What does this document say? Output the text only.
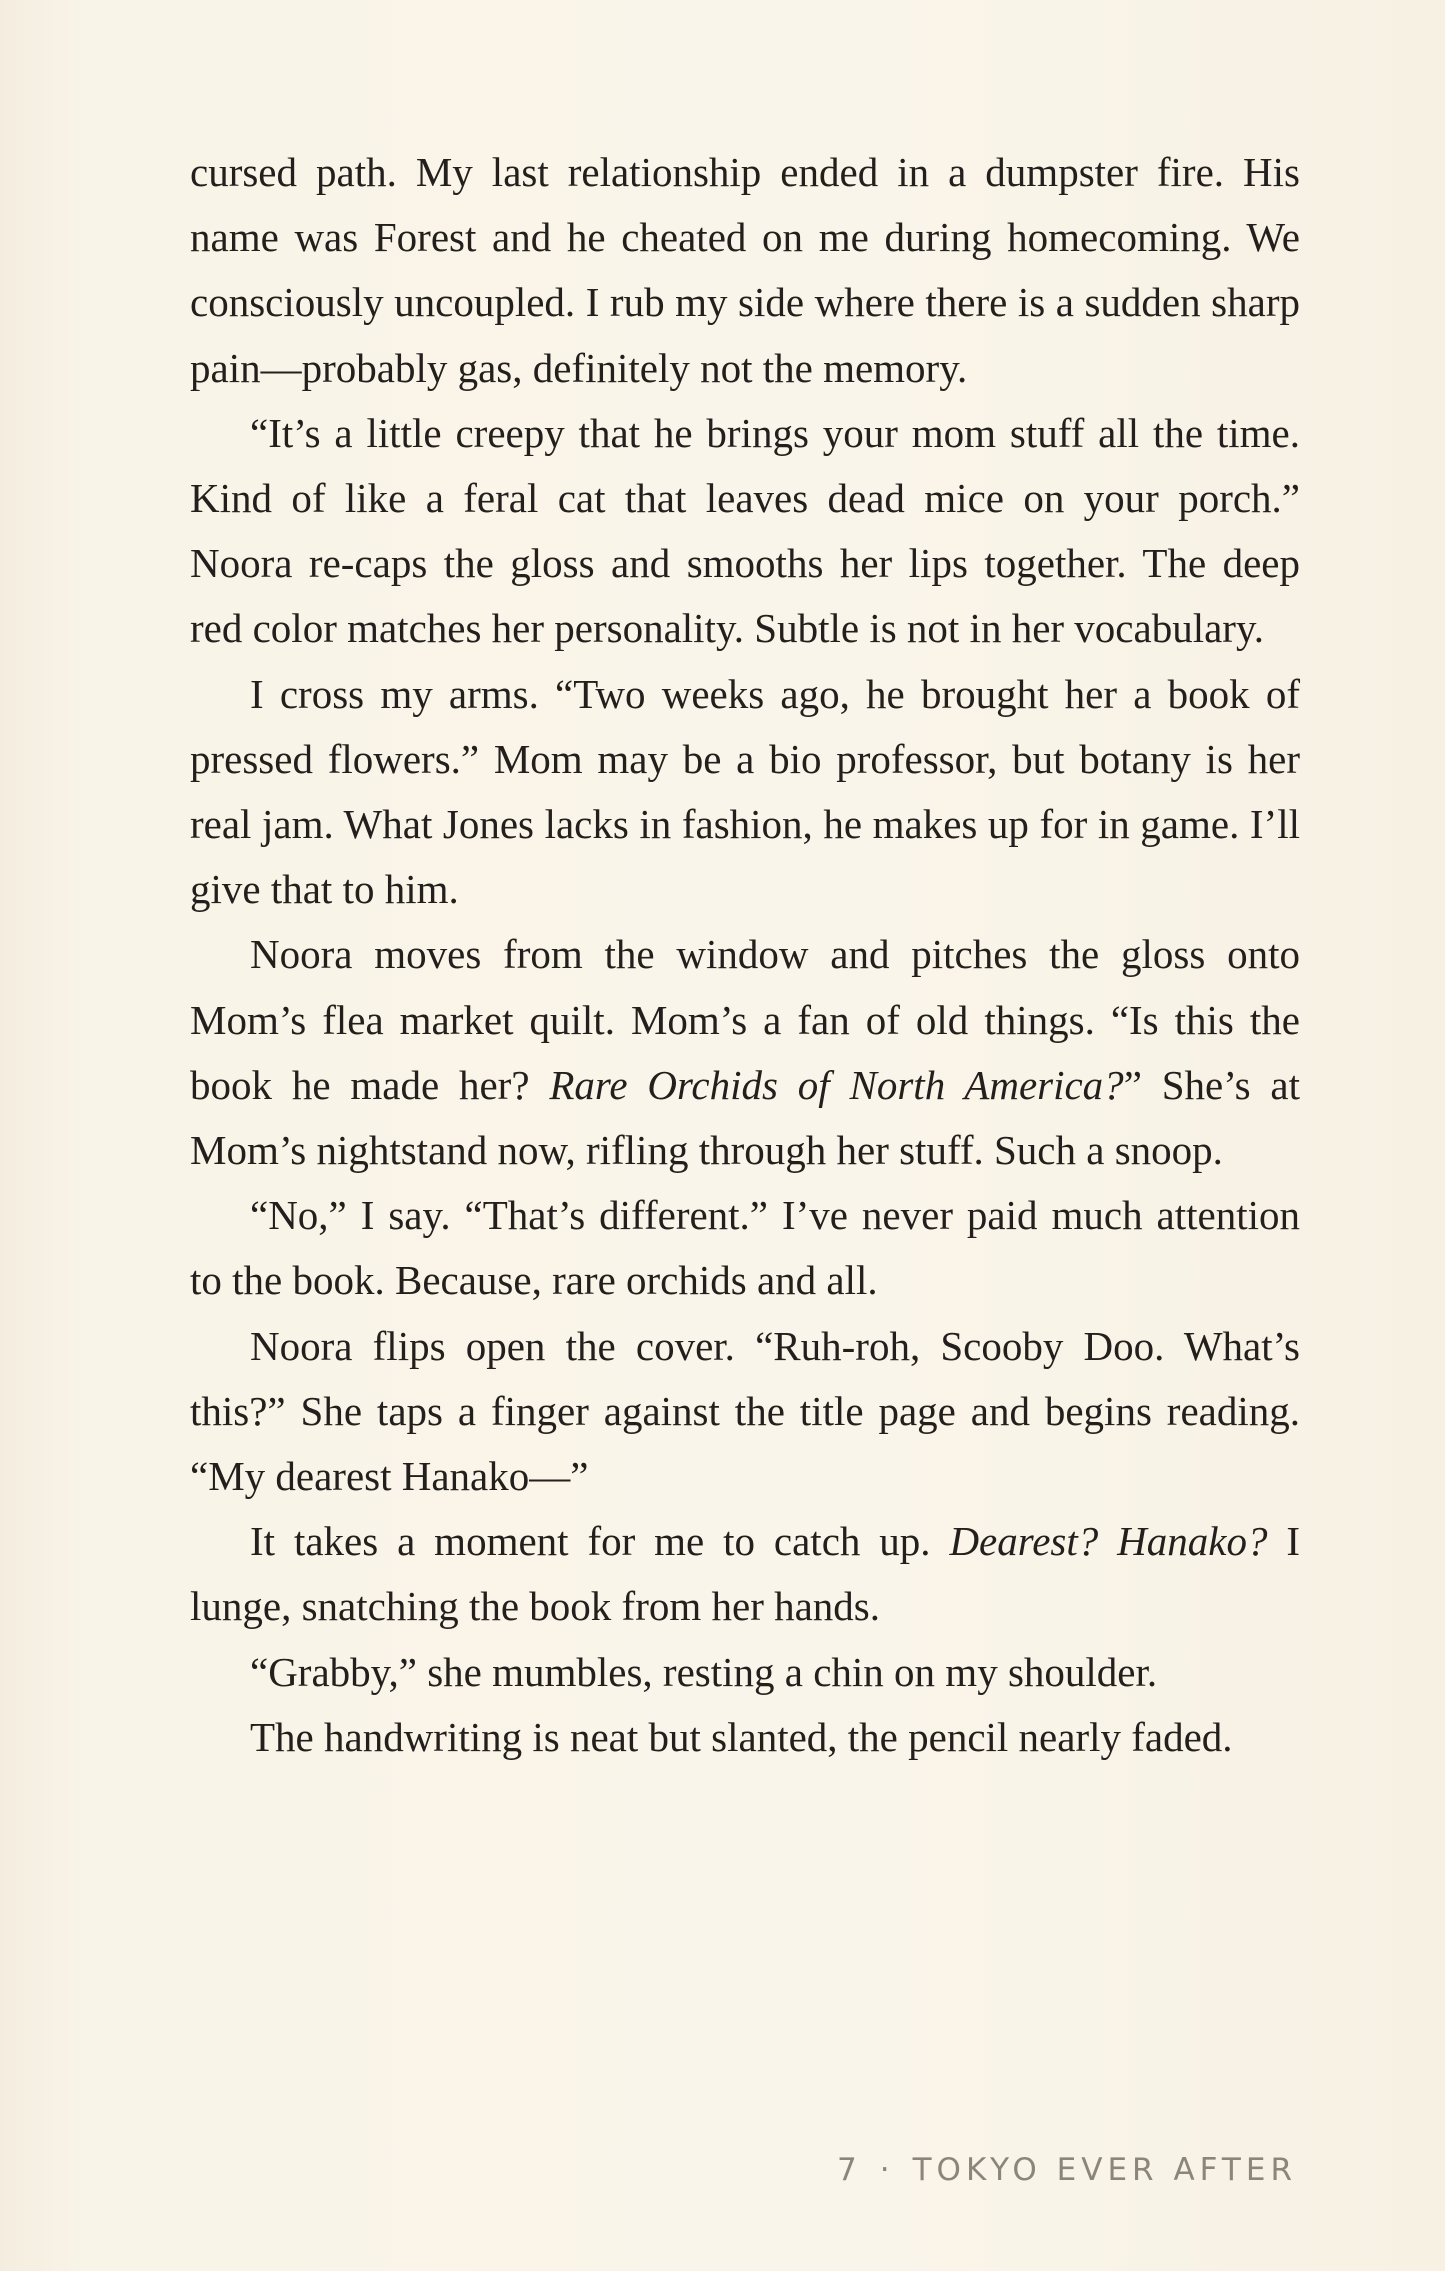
cursed path. My last relationship ended in a dumpster fire. His name was Forest and he cheated on me during homecoming. We consciously uncoupled. I rub my side where there is a sudden sharp pain—probably gas, definitely not the memory.

“It’s a little creepy that he brings your mom stuff all the time. Kind of like a feral cat that leaves dead mice on your porch.” Noora re-caps the gloss and smooths her lips together. The deep red color matches her personality. Subtle is not in her vocabulary.

I cross my arms. “Two weeks ago, he brought her a book of pressed flowers.” Mom may be a bio professor, but botany is her real jam. What Jones lacks in fashion, he makes up for in game. I’ll give that to him.

Noora moves from the window and pitches the gloss onto Mom’s flea market quilt. Mom’s a fan of old things. “Is this the book he made her? Rare Orchids of North America?” She’s at Mom’s nightstand now, rifling through her stuff. Such a snoop.

“No,” I say. “That’s different.” I’ve never paid much attention to the book. Because, rare orchids and all.

Noora flips open the cover. “Ruh-roh, Scooby Doo. What’s this?” She taps a finger against the title page and begins reading. “My dearest Hanako—”

It takes a moment for me to catch up. Dearest? Hanako? I lunge, snatching the book from her hands.

“Grabby,” she mumbles, resting a chin on my shoulder.

The handwriting is neat but slanted, the pencil nearly faded.

7 · TOKYO EVER AFTER
